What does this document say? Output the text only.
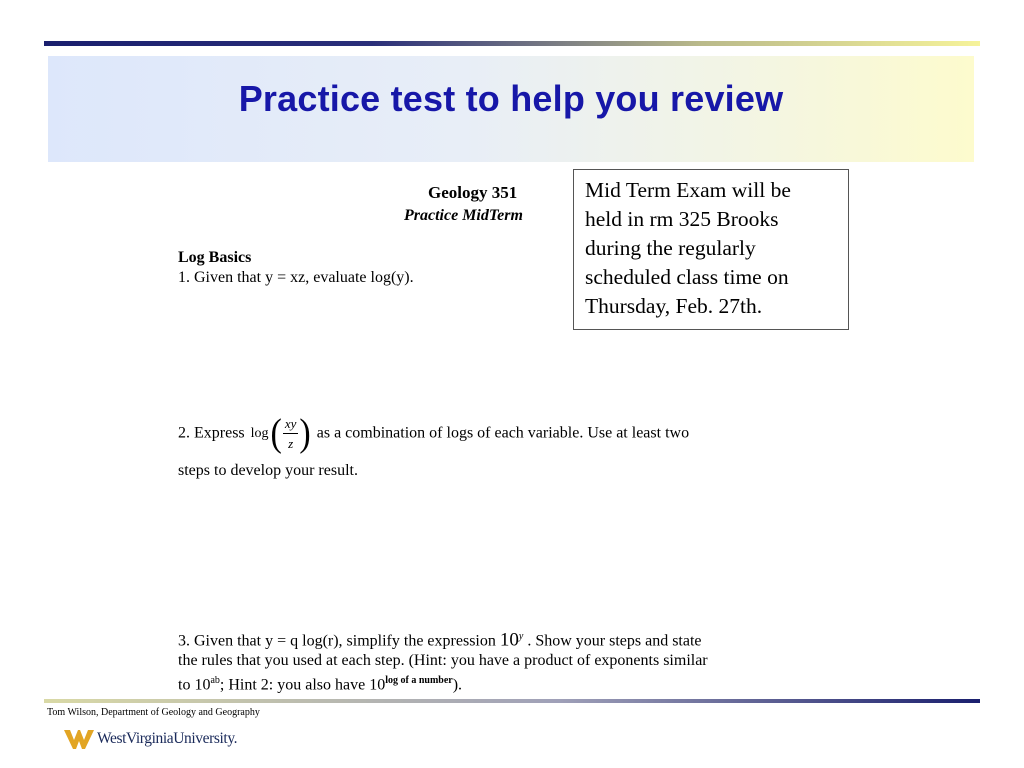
Practice test to help you review
Geology 351
Practice MidTerm
Log Basics
1. Given that y = xz, evaluate log(y).
2. Express log ( $\frac{xy}{z}$ ) as a combination of logs of each variable. Use at least two
steps to develop your result.
3. Given that y = q log(r), simplify the expression 10$^y$ . Show your steps and state
the rules that you used at each step. (Hint: you have a product of exponents similar
to $10^{ab}$; Hint 2: you also have $10^{log of a number}$).
Mid Term Exam will be
held in rm 325 Brooks
during the regularly
scheduled class time on
Thursday, Feb. 27th.
Tom Wilson, Department of Geology and Geography
WestVirginiaUniversity.
